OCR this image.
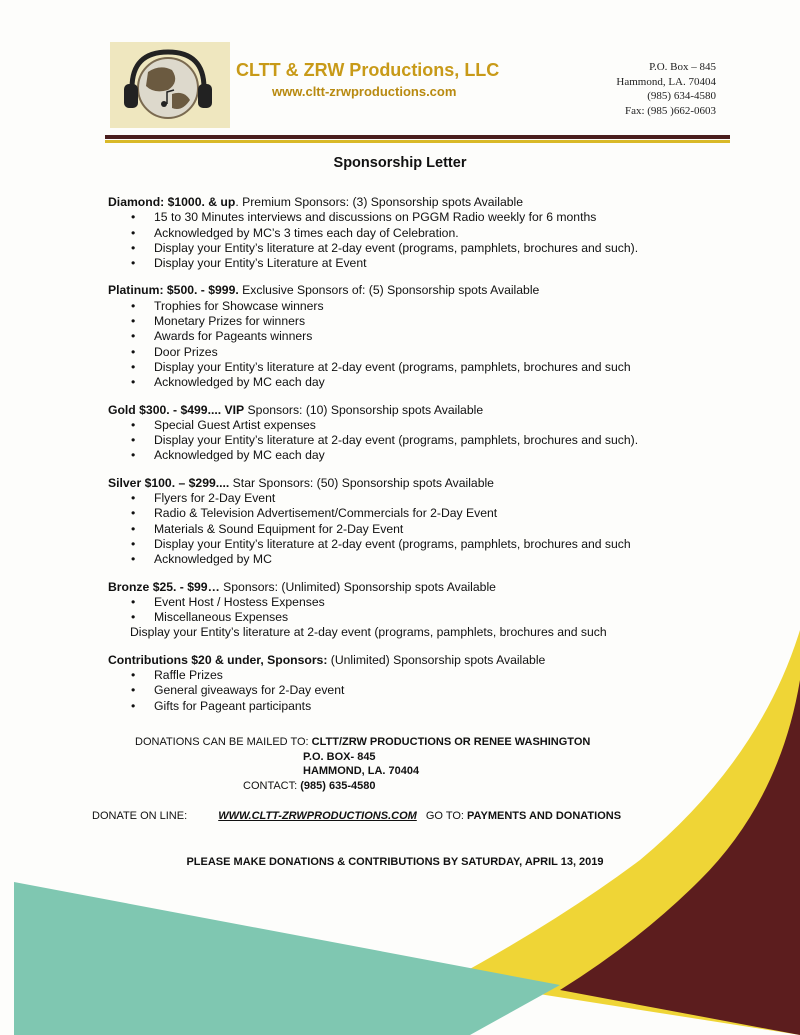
CLTT & ZRW Productions, LLC
www.cltt-zrwproductions.com
P.O. Box – 845
Hammond, LA. 70404
(985) 634-4580
Fax: (985 )662-0603
Sponsorship Letter
Diamond: $1000. & up. Premium Sponsors: (3) Sponsorship spots Available
• 15 to 30 Minutes interviews and discussions on PGGM Radio weekly for 6 months
• Acknowledged by MC’s 3 times each day of Celebration.
• Display your Entity’s literature at 2-day event (programs, pamphlets, brochures and such).
• Display your Entity’s Literature at Event
Platinum: $500. - $999. Exclusive Sponsors of: (5) Sponsorship spots Available
• Trophies for Showcase winners
• Monetary Prizes for winners
• Awards for Pageants winners
• Door Prizes
• Display your Entity’s literature at 2-day event (programs, pamphlets, brochures and such
• Acknowledged by MC each day
Gold $300. - $499.... VIP Sponsors: (10) Sponsorship spots Available
• Special Guest Artist expenses
• Display your Entity’s literature at 2-day event (programs, pamphlets, brochures and such).
• Acknowledged by MC each day
Silver $100. – $299.... Star Sponsors: (50) Sponsorship spots Available
• Flyers for 2-Day Event
• Radio & Television Advertisement/Commercials for 2-Day Event
• Materials & Sound Equipment for 2-Day Event
• Display your Entity’s literature at 2-day event (programs, pamphlets, brochures and such
• Acknowledged by MC
Bronze $25. - $99… Sponsors: (Unlimited) Sponsorship spots Available
• Event Host / Hostess Expenses
• Miscellaneous Expenses
Display your Entity’s literature at 2-day event (programs, pamphlets, brochures and such
Contributions $20 & under, Sponsors: (Unlimited) Sponsorship spots Available
• Raffle Prizes
• General giveaways for 2-Day event
• Gifts for Pageant participants
DONATIONS CAN BE MAILED TO: CLTT/ZRW PRODUCTIONS OR RENEE WASHINGTON
P.O. BOX- 845
HAMMOND, LA. 70404
CONTACT: (985) 635-4580
DONATE ON LINE:	WWW.CLTT-ZRWPRODUCTIONS.COM GO TO: PAYMENTS AND DONATIONS
PLEASE MAKE DONATIONS & CONTRIBUTIONS BY SATURDAY, APRIL 13, 2019
